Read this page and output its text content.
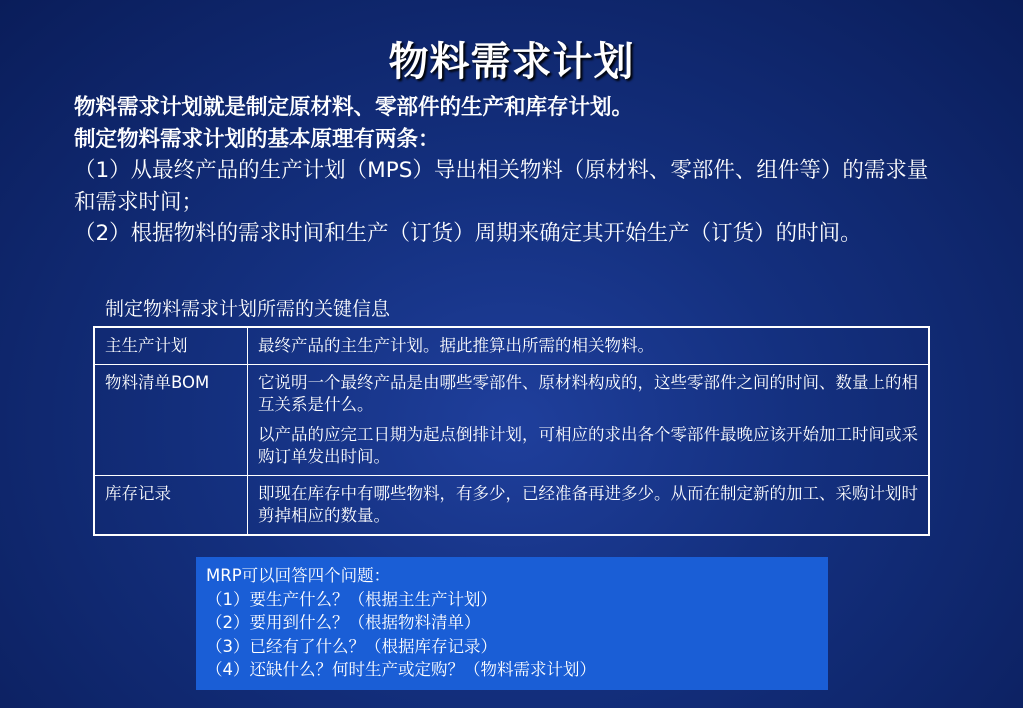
物料需求计划

物料需求计划就是制定原材料、零部件的生产和库存计划。

制定物料需求计划的基本原理有两条：

（1）从最终产品的生产计划（MPS）导出相关物料（原材料、零部件、组件等）的需求量和需求时间；

（2）根据物料的需求时间和生产（订货）周期来确定其开始生产（订货）的时间。

制定物料需求计划所需的关键信息
主生产计划	最终产品的主生产计划。据此推算出所需的相关物料。

物料清单BOM	它说明一个最终产品是由哪些零部件、原材料构成的，这些零部件之间的时间、数量上的相互关系是什么。

以产品的应完工日期为起点倒排计划，可相应的求出各个零部件最晚应该开始加工时间或采购订单发出时间。

库存记录	即现在库存中有哪些物料，有多少，已经准备再进多少。从而在制定新的加工、采购计划时剪掉相应的数量。

MRP可以回答四个问题：

（1）要生产什么？（根据主生产计划）

（2）要用到什么？（根据物料清单）

（3）已经有了什么？（根据库存记录）

（4）还缺什么？何时生产或定购？（物料需求计划）
